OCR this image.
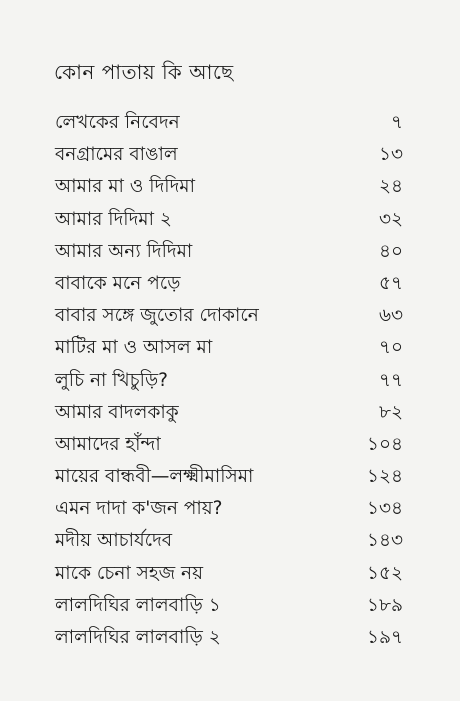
কোন পাতায় কি আছে
লেখকের নিবেদন	৭
বনগ্রামের বাঙাল	১৩
আমার মা ও দিদিমা	২৪
আমার দিদিমা ২	৩২
আমার অন্য দিদিমা	৪০
বাবাকে মনে পড়ে	৫৭
বাবার সঙ্গে জুতোর দোকানে	৬৩
মাটির মা ও আসল মা	৭০
লুচি না খিচুড়ি?	৭৭
আমার বাদলকাকু	৮২
আমাদের হাঁন্দা	১০৪
মায়ের বান্ধবী—লক্ষ্মীমাসিমা	১২৪
এমন দাদা ক'জন পায়?	১৩৪
মদীয় আচার্যদেব	১৪৩
মাকে চেনা সহজ নয়	১৫২
লালদিঘির লালবাড়ি ১	১৮৯
লালদিঘির লালবাড়ি ২	১৯৭
